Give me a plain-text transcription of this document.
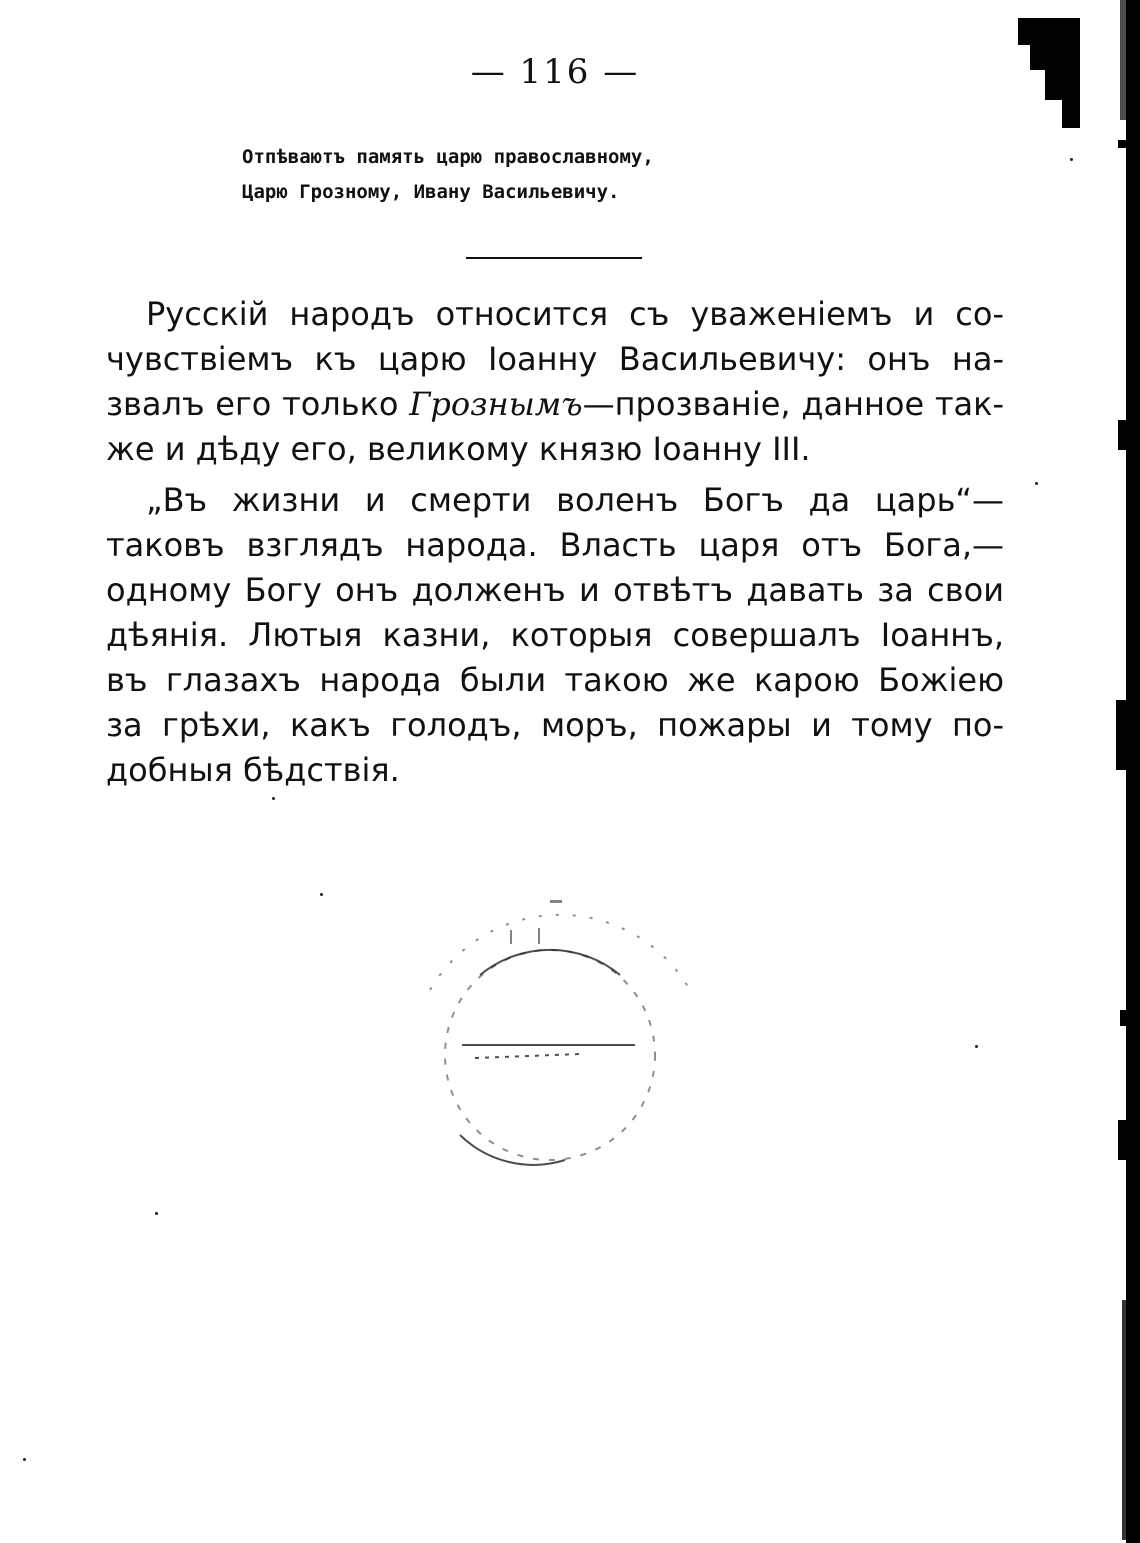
— 116 —
Отпѣваютъ память царю православному,
Царю Грозному, Ивану Васильевичу.
Русскій народъ относится съ уваженіемъ и со-
чувствіемъ къ царю Іоанну Васильевичу: онъ на-
звалъ его только Грознымъ—прозваніе, данное так-
же и дѣду его, великому князю Іоанну III.
„Въ жизни и смерти воленъ Богъ да царь“—
таковъ взглядъ народа. Власть царя отъ Бога,—
одному Богу онъ долженъ и отвѣтъ давать за свои
дѣянія. Лютыя казни, которыя совершалъ Іоаннъ,
въ глазахъ народа были такою же карою Божіею
за грѣхи, какъ голодъ, моръ, пожары и тому по-
добныя бѣдствія.
